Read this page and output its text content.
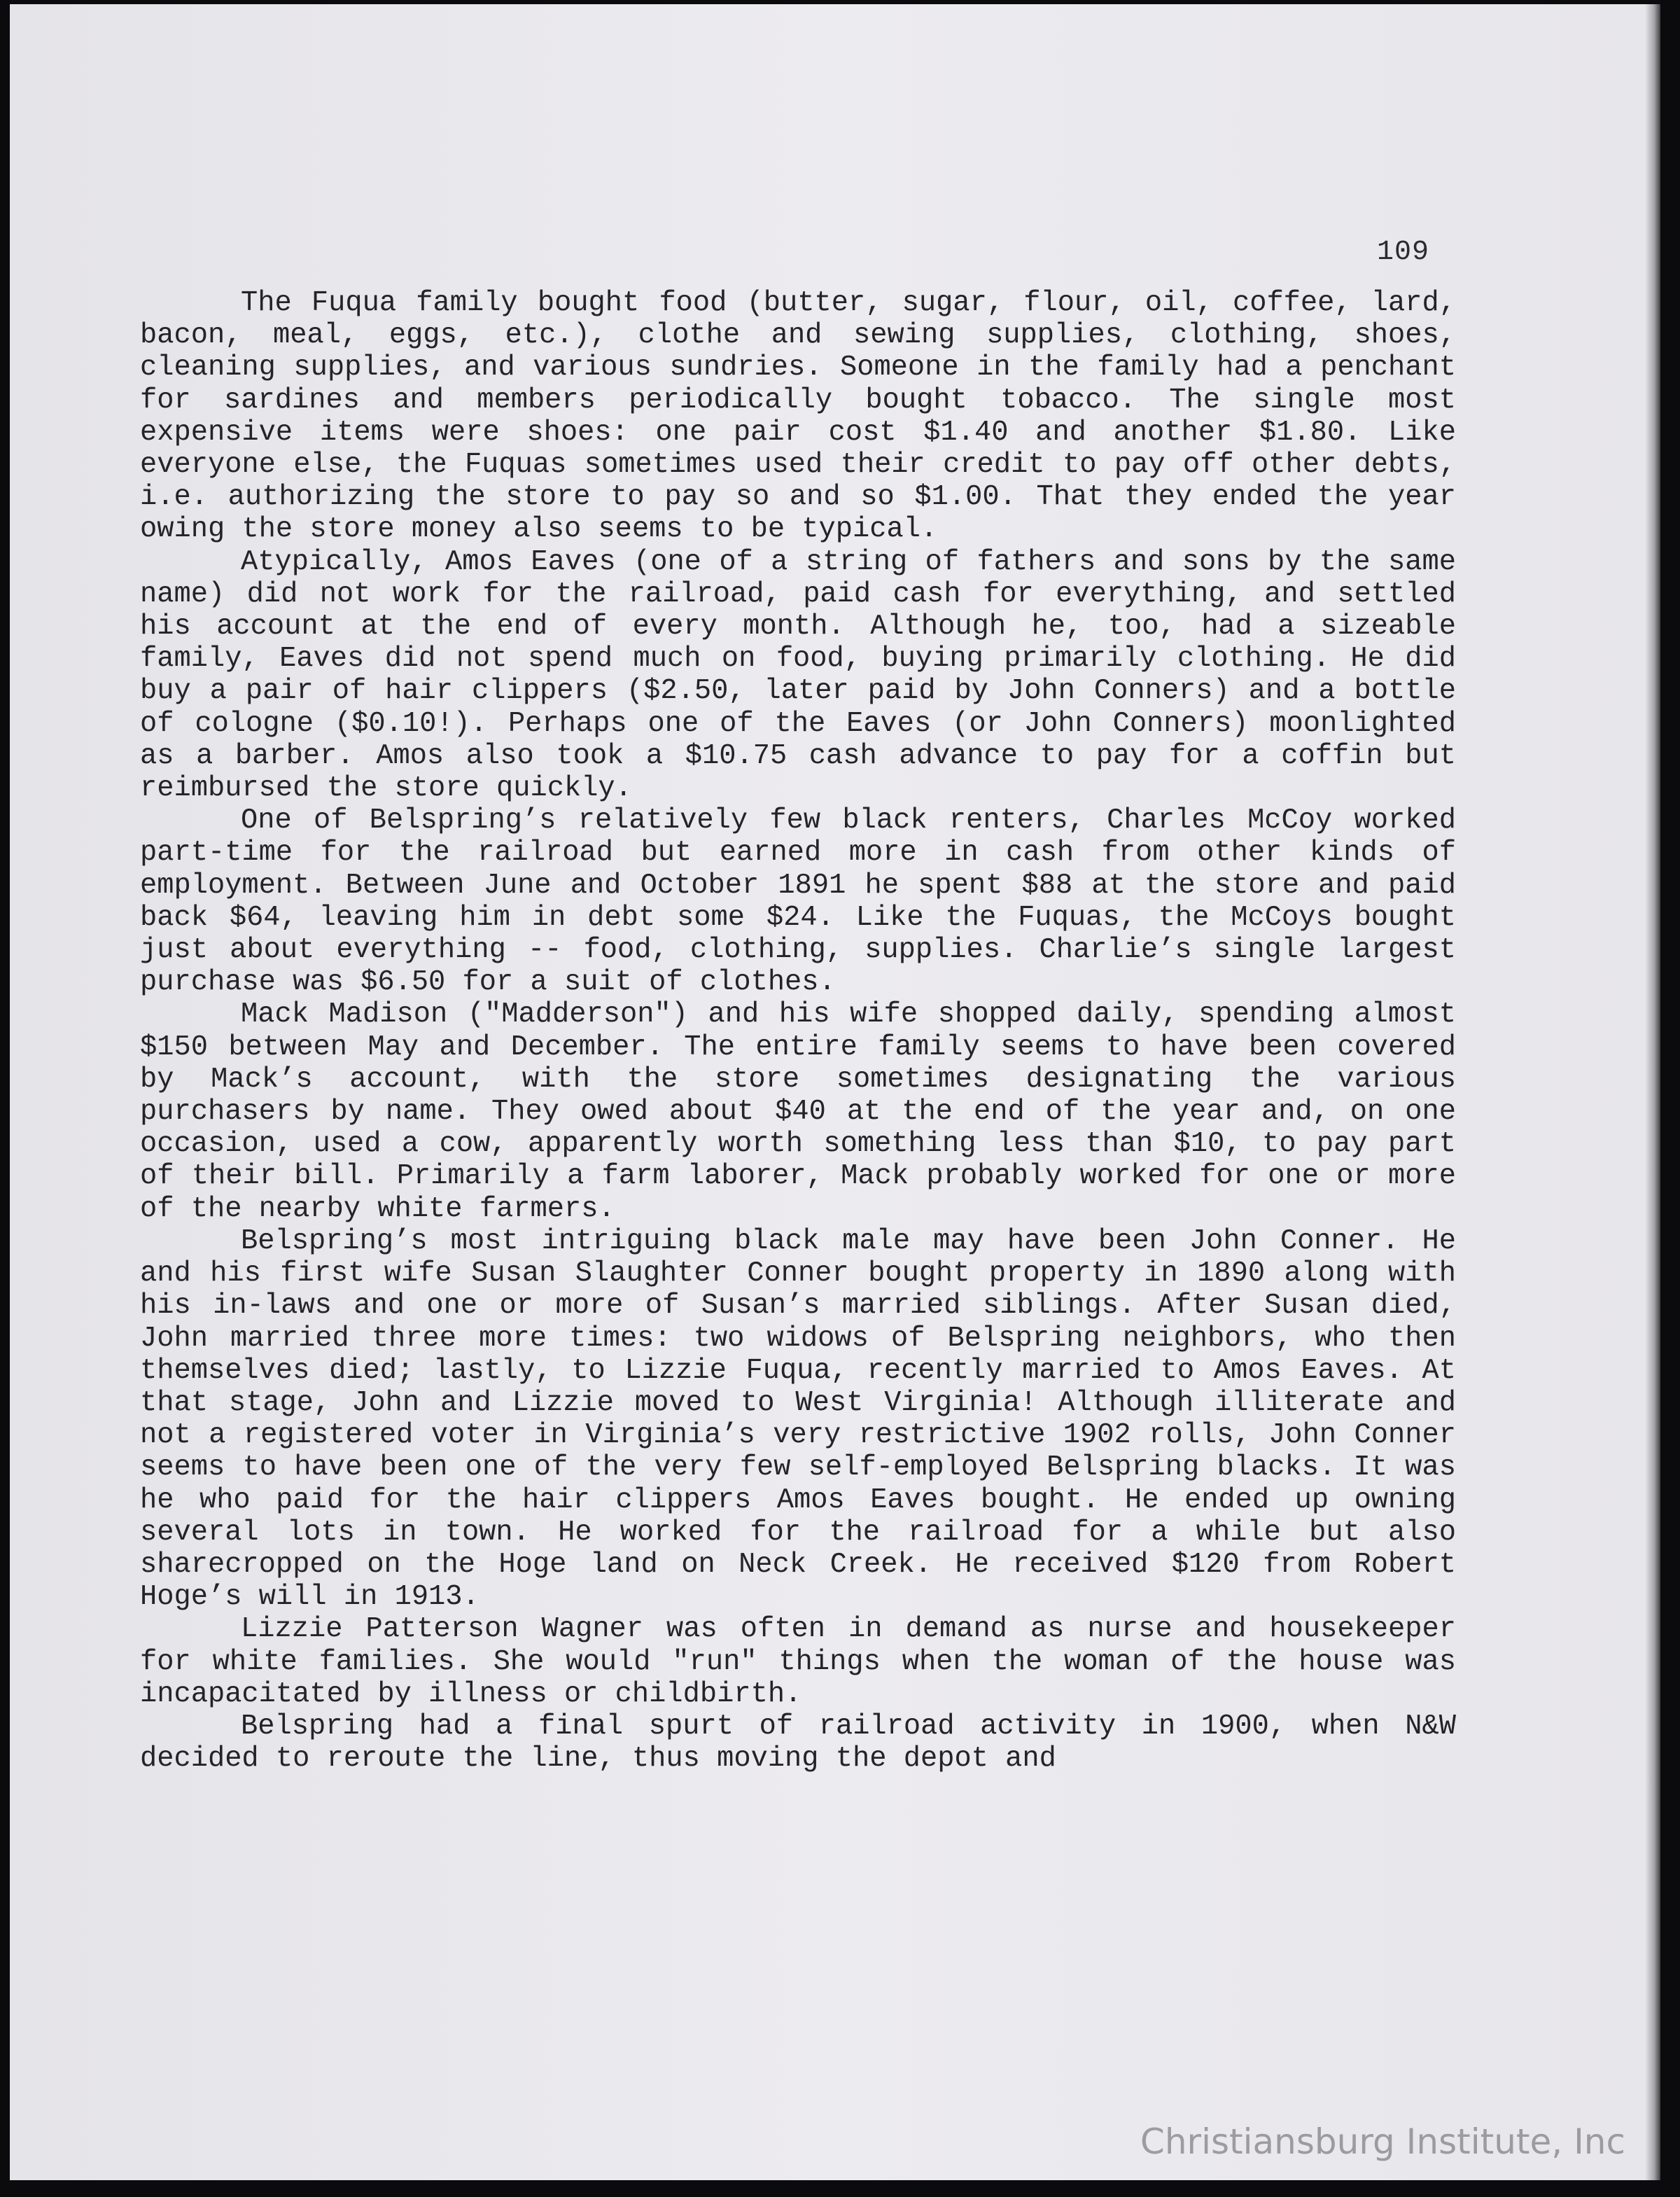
109

The Fuqua family bought food (butter, sugar, flour, oil, coffee, lard, bacon, meal, eggs, etc.), clothe and sewing supplies, clothing, shoes, cleaning supplies, and various sundries. Someone in the family had a penchant for sardines and members periodically bought tobacco. The single most expensive items were shoes: one pair cost $1.40 and another $1.80. Like everyone else, the Fuquas sometimes used their credit to pay off other debts, i.e. authorizing the store to pay so and so $1.00. That they ended the year owing the store money also seems to be typical.

Atypically, Amos Eaves (one of a string of fathers and sons by the same name) did not work for the railroad, paid cash for everything, and settled his account at the end of every month. Although he, too, had a sizeable family, Eaves did not spend much on food, buying primarily clothing. He did buy a pair of hair clippers ($2.50, later paid by John Conners) and a bottle of cologne ($0.10!). Perhaps one of the Eaves (or John Conners) moonlighted as a barber. Amos also took a $10.75 cash advance to pay for a coffin but reimbursed the store quickly.

One of Belspring’s relatively few black renters, Charles McCoy worked part-time for the railroad but earned more in cash from other kinds of employment. Between June and October 1891 he spent $88 at the store and paid back $64, leaving him in debt some $24. Like the Fuquas, the McCoys bought just about everything -- food, clothing, supplies. Charlie’s single largest purchase was $6.50 for a suit of clothes.

Mack Madison ("Madderson") and his wife shopped daily, spending almost $150 between May and December. The entire family seems to have been covered by Mack’s account, with the store sometimes designating the various purchasers by name. They owed about $40 at the end of the year and, on one occasion, used a cow, apparently worth something less than $10, to pay part of their bill. Primarily a farm laborer, Mack probably worked for one or more of the nearby white farmers.

Belspring’s most intriguing black male may have been John Conner. He and his first wife Susan Slaughter Conner bought property in 1890 along with his in-laws and one or more of Susan’s married siblings. After Susan died, John married three more times: two widows of Belspring neighbors, who then themselves died; lastly, to Lizzie Fuqua, recently married to Amos Eaves. At that stage, John and Lizzie moved to West Virginia! Although illiterate and not a registered voter in Virginia’s very restrictive 1902 rolls, John Conner seems to have been one of the very few self-employed Belspring blacks. It was he who paid for the hair clippers Amos Eaves bought. He ended up owning several lots in town. He worked for the railroad for a while but also sharecropped on the Hoge land on Neck Creek. He received $120 from Robert Hoge’s will in 1913.

Lizzie Patterson Wagner was often in demand as nurse and housekeeper for white families. She would "run" things when the woman of the house was incapacitated by illness or childbirth.

Belspring had a final spurt of railroad activity in 1900, when N&W decided to reroute the line, thus moving the depot and

Christiansburg Institute, Inc
